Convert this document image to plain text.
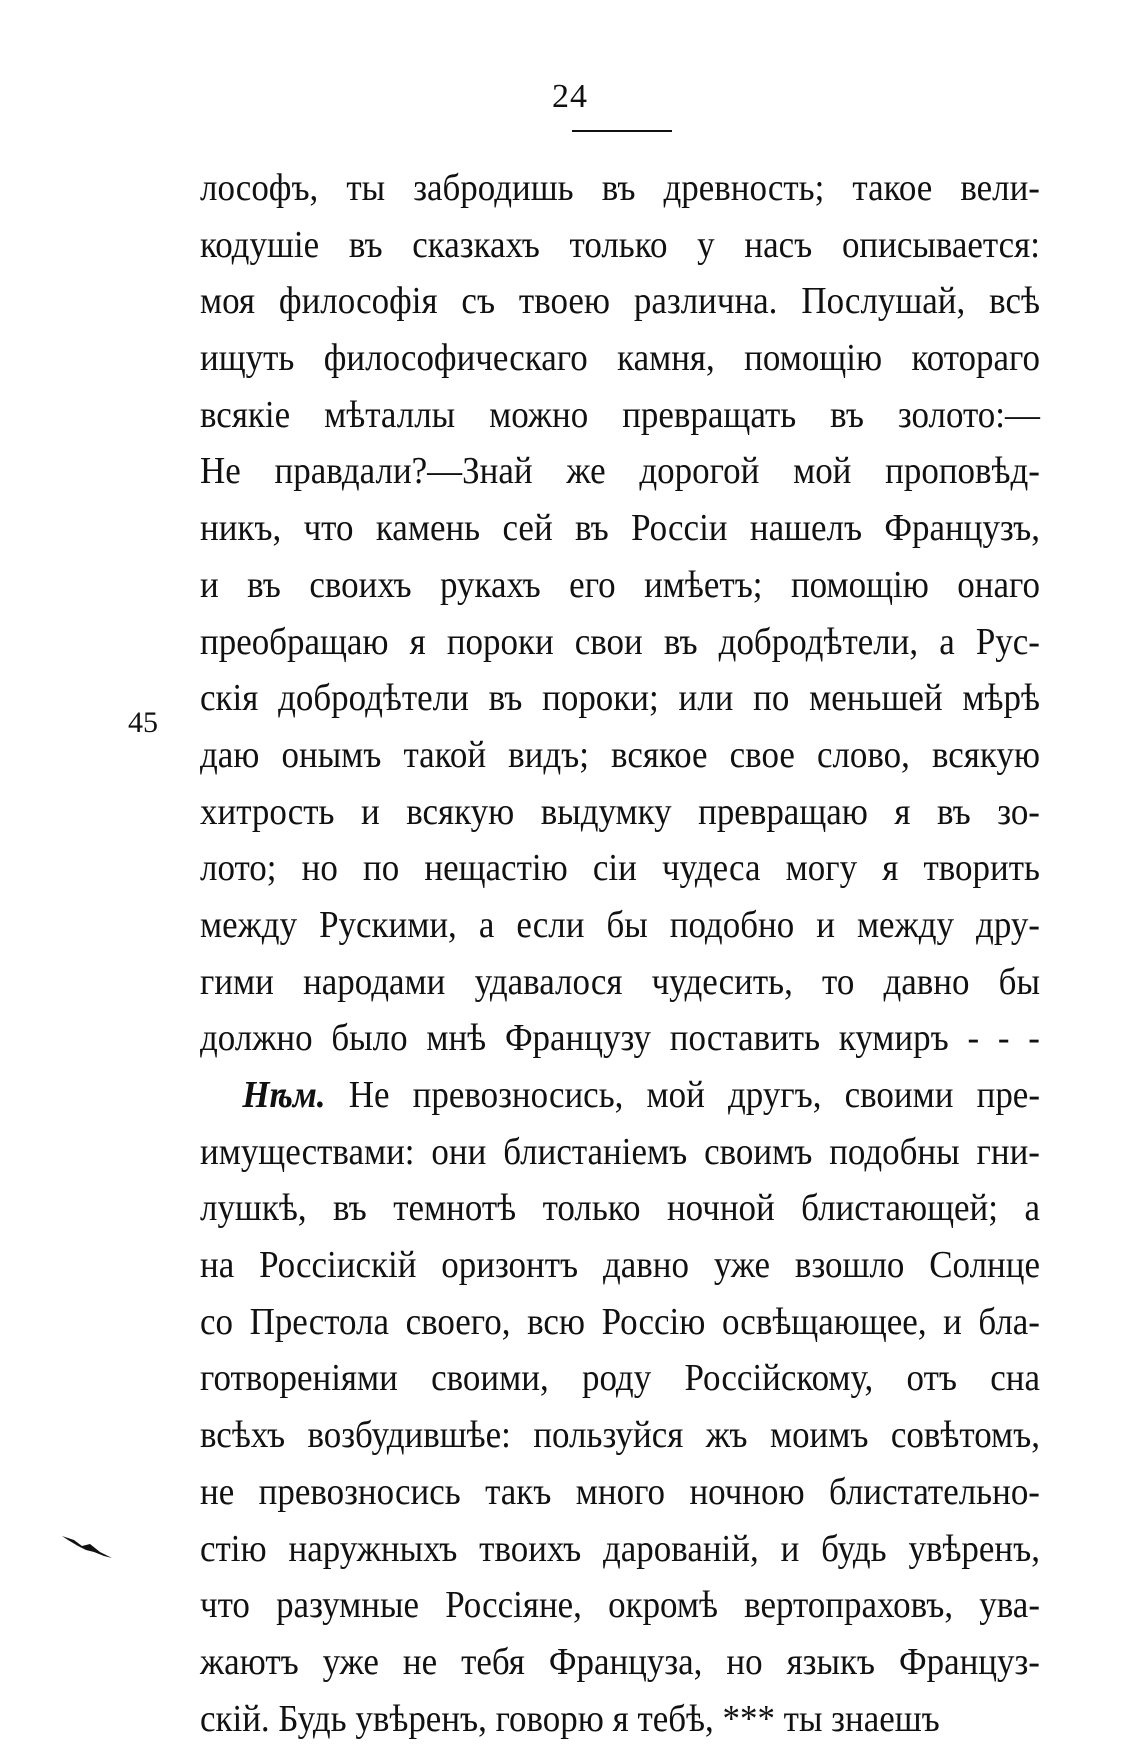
24
45
лософъ, ты забродишь въ древность; такое вели-
кодушіе въ сказкахъ только у насъ описывается:
моя философія съ твоею различна. Послушай, всѣ
ищуть философическаго камня, помощію котораго
всякіе мѣталлы можно превращать въ золото:—
Не правдали?—Знай же дорогой мой проповѣд-
никъ, что камень сей въ Россіи нашелъ Французъ,
и въ своихъ рукахъ его имѣетъ; помощію онаго
преобращаю я пороки свои въ добродѣтели, а Рус-
скія добродѣтели въ пороки; или по меньшей мѣрѣ
даю онымъ такой видъ; всякое свое слово, всякую
хитрость и всякую выдумку превращаю я въ зо-
лото; но по нещастію сіи чудеса могу я творить
между Рускими, а если бы подобно и между дру-
гими народами удавалося чудесить, то давно бы
должно было мнѣ Французу поставить кумиръ - - -
Нѣм. Не превозносись, мой другъ, своими пре-
имуществами: они блистаніемъ своимъ подобны гни-
лушкѣ, въ темнотѣ только ночной блистающей; а
на Россіискій оризонтъ давно уже взошло Солнце
со Престола своего, всю Россію освѣщающее, и бла-
готвореніями своими, роду Россійскому, отъ сна
всѣхъ возбудившѣе: пользуйся жъ моимъ совѣтомъ,
не превозносись такъ много ночною блистательно-
стію наружныхъ твоихъ дарованій, и будь увѣренъ,
что разумные Россіяне, окромѣ вертопраховъ, ува-
жаютъ уже не тебя Француза, но языкъ Француз-
скій. Будь увѣренъ, говорю я тебѣ, *** ты знаешъ
